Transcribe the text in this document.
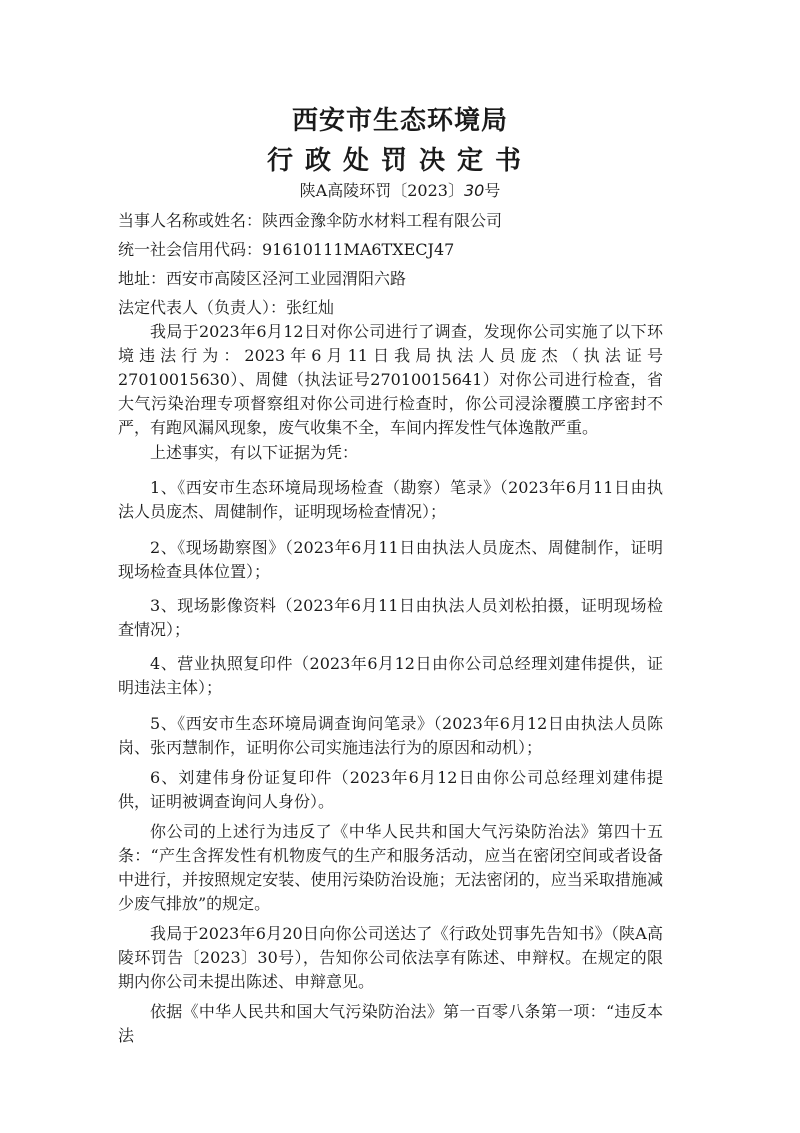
西安市生态环境局
行政处罚决定书
陕A高陵环罚〔2023〕30号
当事人名称或姓名：陕西金豫伞防水材料工程有限公司
统一社会信用代码：91610111MA6TXECJ47
地址：西安市高陵区泾河工业园渭阳六路
法定代表人（负责人）：张红灿

我局于2023年6月12日对你公司进行了调查，发现你公司实施了以下环境违法行为：2023年6月11日我局执法人员庞杰（执法证号27010015630）、周健（执法证号27010015641）对你公司进行检查，省大气污染治理专项督察组对你公司进行检查时，你公司浸涂覆膜工序密封不严，有跑风漏风现象，废气收集不全，车间内挥发性气体逸散严重。

上述事实，有以下证据为凭：

1、《西安市生态环境局现场检查（勘察）笔录》（2023年6月11日由执法人员庞杰、周健制作，证明现场检查情况）；

2、《现场勘察图》（2023年6月11日由执法人员庞杰、周健制作，证明现场检查具体位置）；

3、现场影像资料（2023年6月11日由执法人员刘松拍摄，证明现场检查情况）；

4、营业执照复印件（2023年6月12日由你公司总经理刘建伟提供，证明违法主体）；

5、《西安市生态环境局调查询问笔录》（2023年6月12日由执法人员陈岗、张丙慧制作，证明你公司实施违法行为的原因和动机）；

6、刘建伟身份证复印件（2023年6月12日由你公司总经理刘建伟提供，证明被调查询问人身份）。

你公司的上述行为违反了《中华人民共和国大气污染防治法》第四十五条：“产生含挥发性有机物废气的生产和服务活动，应当在密闭空间或者设备中进行，并按照规定安装、使用污染防治设施；无法密闭的，应当采取措施减少废气排放”的规定。

我局于2023年6月20日向你公司送达了《行政处罚事先告知书》（陕A高陵环罚告〔2023〕30号），告知你公司依法享有陈述、申辩权。在规定的限期内你公司未提出陈述、申辩意见。

依据《中华人民共和国大气污染防治法》第一百零八条第一项：“违反本法
